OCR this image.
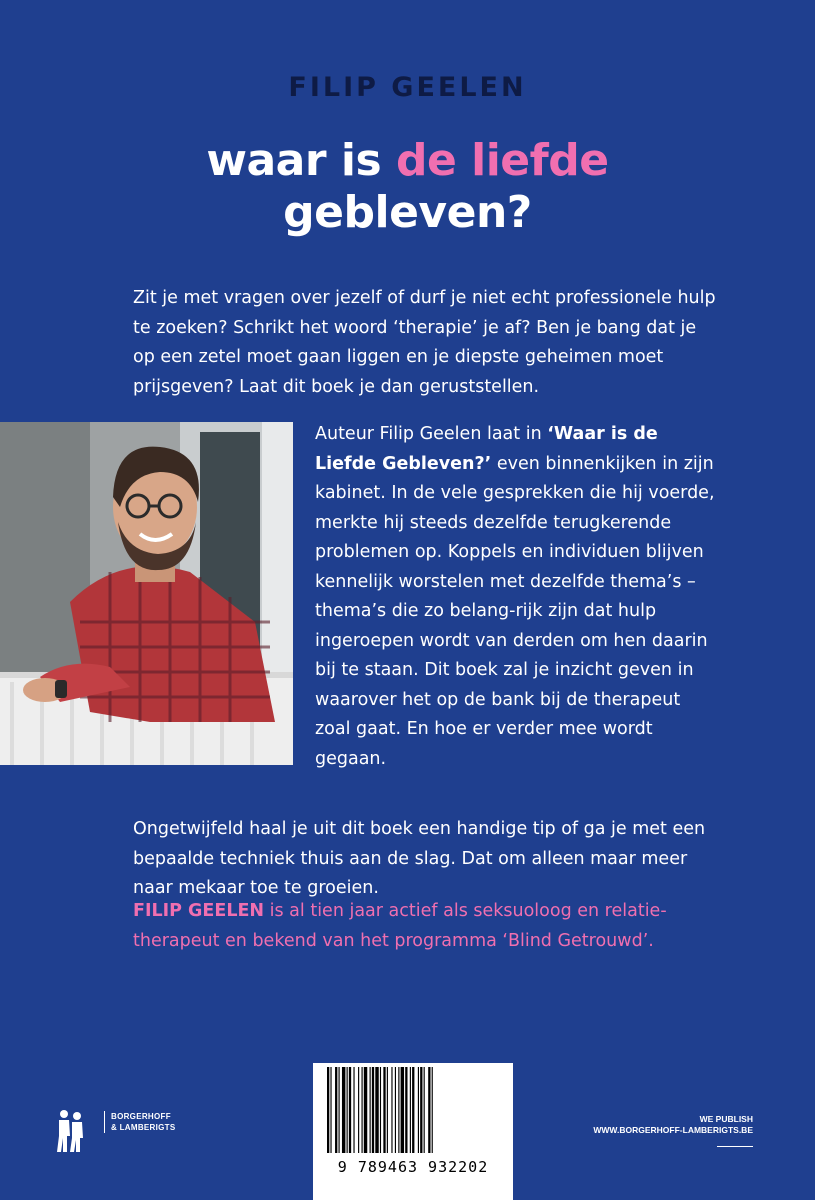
FILIP GEELEN
waar is de liefde
gebleven?
Zit je met vragen over jezelf of durf je niet echt professionele hulp te zoeken? Schrikt het woord ‘therapie’ je af? Ben je bang dat je op een zetel moet gaan liggen en je diepste geheimen moet prijsgeven? Laat dit boek je dan geruststellen.
Auteur Filip Geelen laat in ‘Waar is de Liefde Gebleven?’ even binnenkijken in zijn kabinet. In de vele gesprekken die hij voerde, merkte hij steeds dezelfde terugkerende problemen op. Koppels en individuen blijven kennelijk worstelen met dezelfde thema’s – thema’s die zo belang-rijk zijn dat hulp ingeroepen wordt van derden om hen daarin bij te staan. Dit boek zal je inzicht geven in waarover het op de bank bij de therapeut zoal gaat. En hoe er verder mee wordt gegaan.
Ongetwijfeld haal je uit dit boek een handige tip of ga je met een bepaalde techniek thuis aan de slag. Dat om alleen maar meer naar mekaar toe te groeien.
FILIP GEELEN is al tien jaar actief als seksuoloog en relatie-therapeut en bekend van het programma ‘Blind Getrouwd’.
9 789463 932202
BORGERHOFF
& LAMBERIGTS
WE PUBLISH
WWW.BORGERHOFF-LAMBERIGTS.BE
